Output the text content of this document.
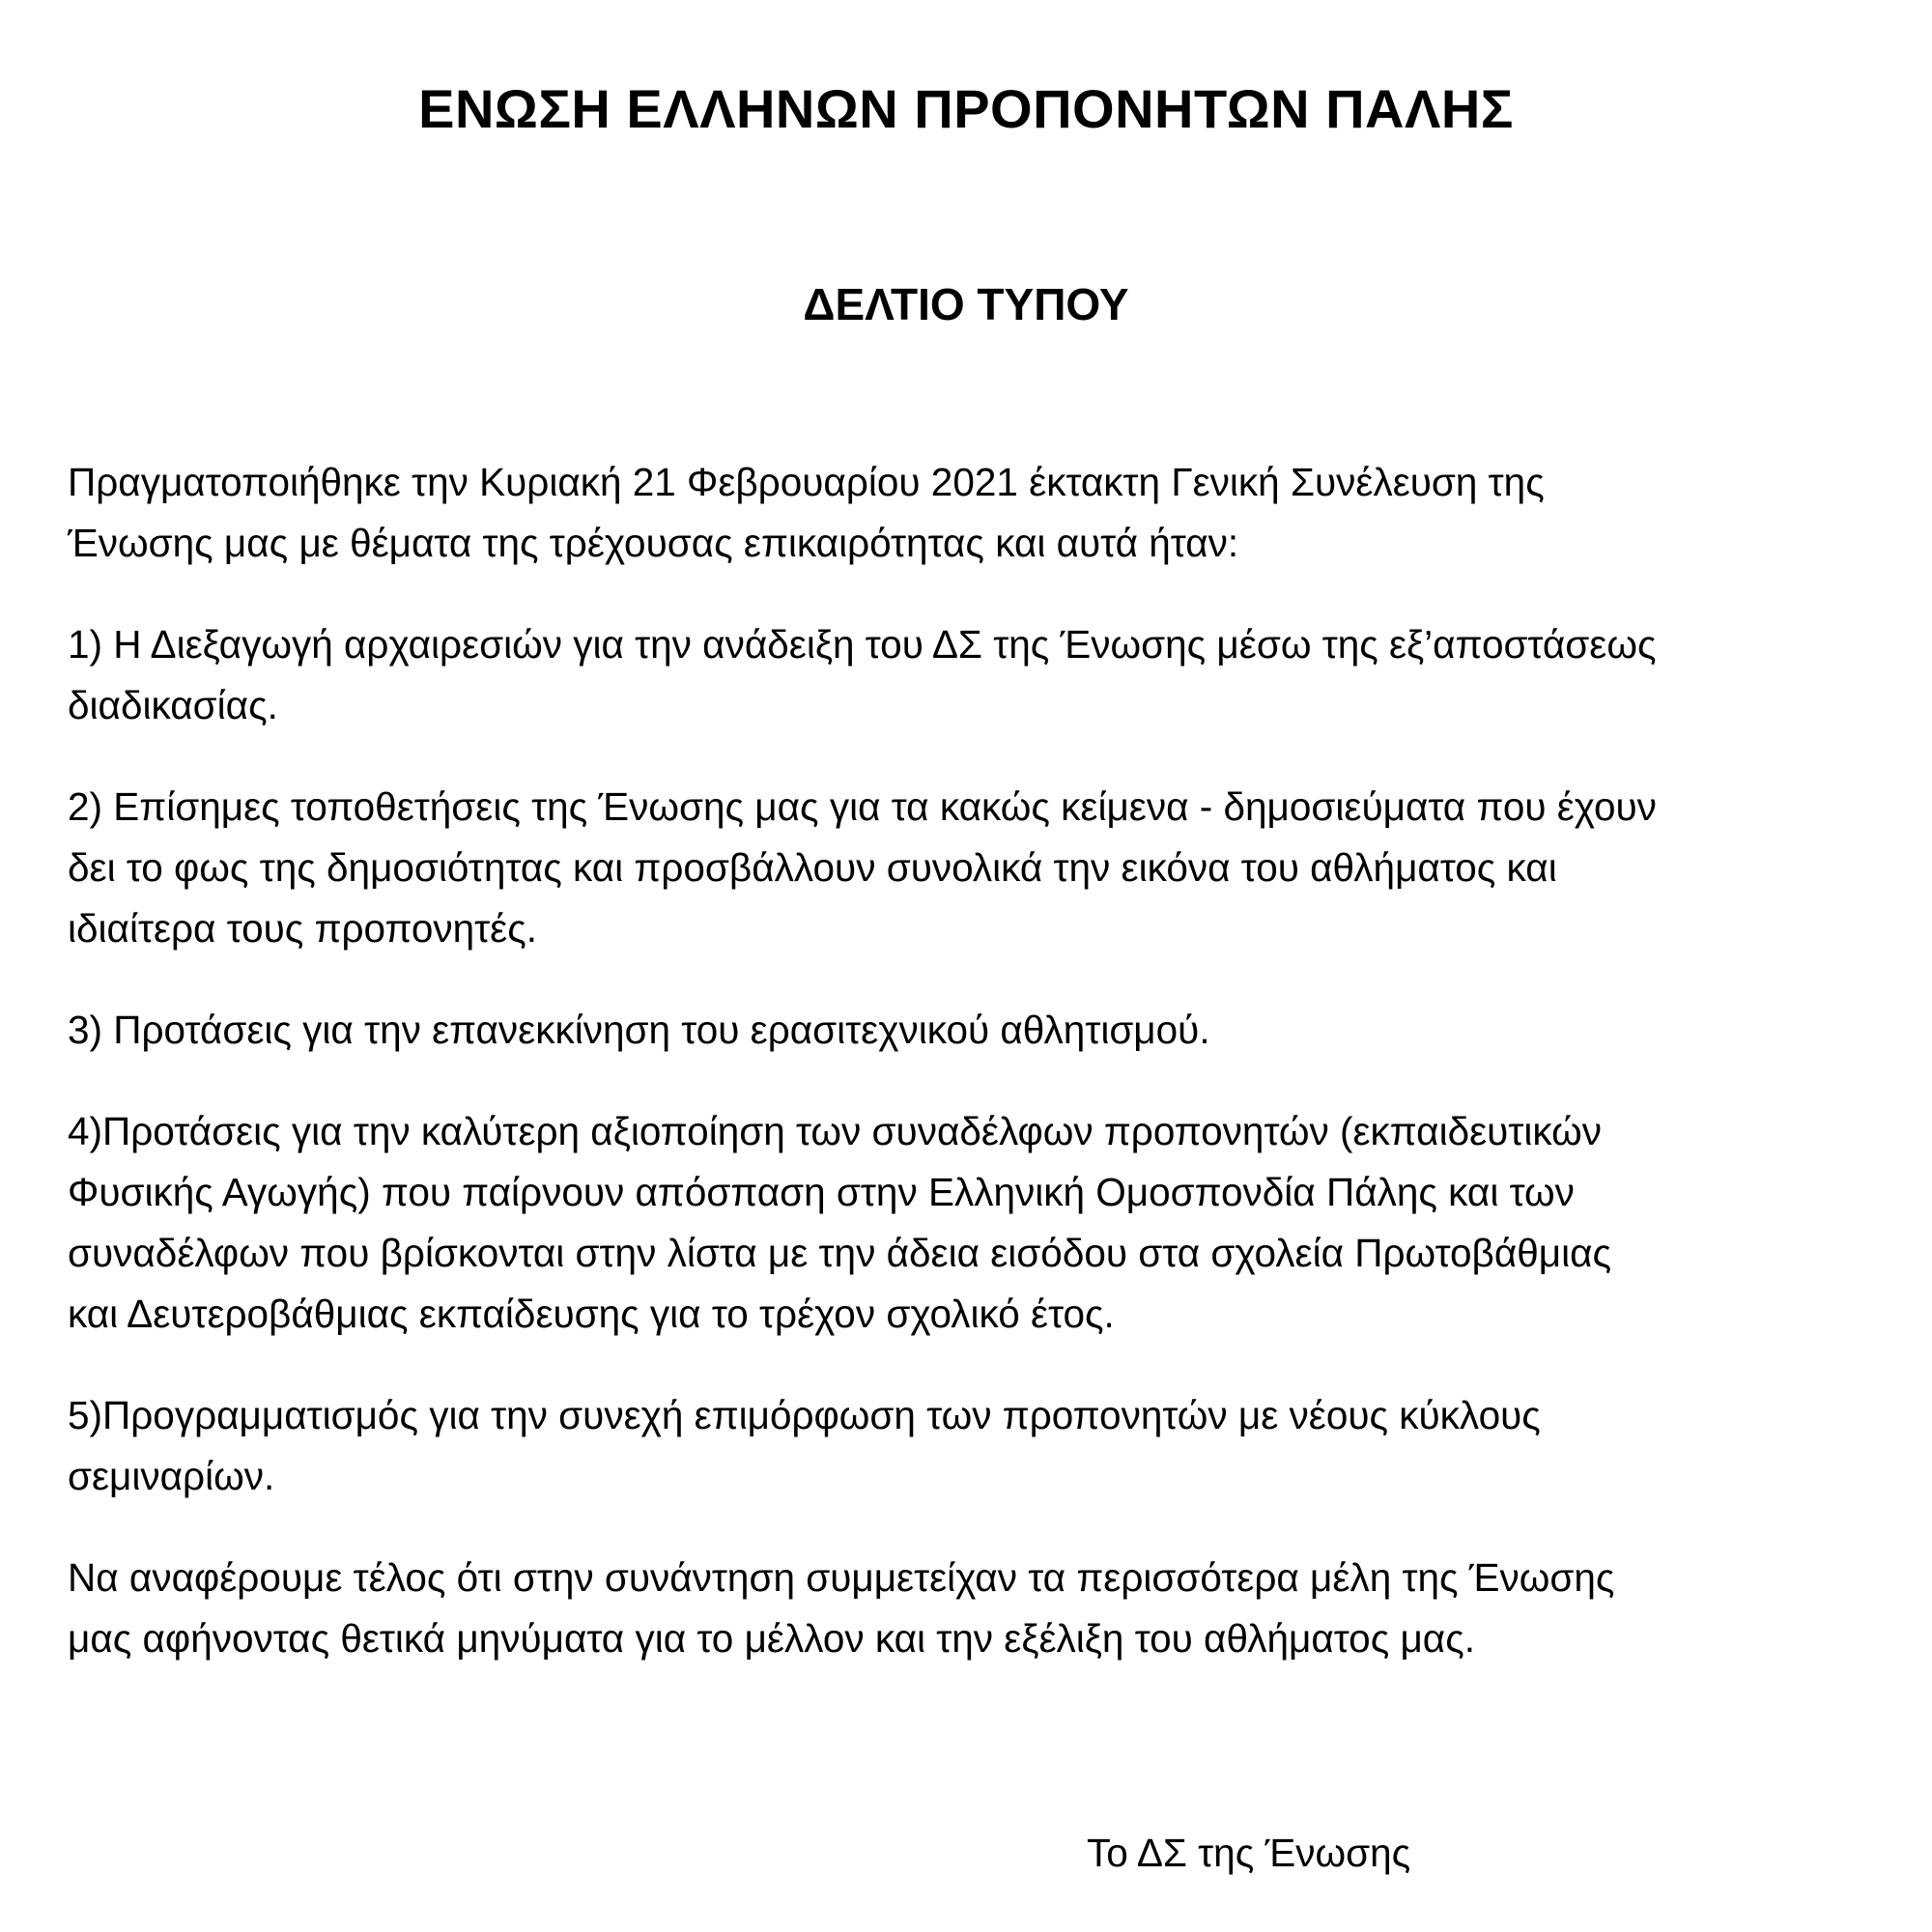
ΕΝΩΣΗ ΕΛΛΗΝΩΝ ΠΡΟΠΟΝΗΤΩΝ ΠΑΛΗΣ
ΔΕΛΤΙΟ ΤΥΠΟΥ

Πραγματοποιήθηκε την Κυριακή 21 Φεβρουαρίου 2021 έκτακτη Γενική Συνέλευση της
Ένωσης μας με θέματα της τρέχουσας επικαιρότητας και αυτά ήταν:

1) Η Διεξαγωγή αρχαιρεσιών για την ανάδειξη του ΔΣ της Ένωσης μέσω της εξ’αποστάσεως
διαδικασίας.

2) Επίσημες τοποθετήσεις της Ένωσης μας για τα κακώς κείμενα - δημοσιεύματα που έχουν
δει το φως της δημοσιότητας και προσβάλλουν συνολικά την εικόνα του αθλήματος και
ιδιαίτερα τους προπονητές.

3) Προτάσεις για την επανεκκίνηση του ερασιτεχνικού αθλητισμού.

4)Προτάσεις για την καλύτερη αξιοποίηση των συναδέλφων προπονητών (εκπαιδευτικών
Φυσικής Αγωγής) που παίρνουν απόσπαση στην Ελληνική Ομοσπονδία Πάλης και των
συναδέλφων που βρίσκονται στην λίστα με την άδεια εισόδου στα σχολεία Πρωτοβάθμιας
και Δευτεροβάθμιας εκπαίδευσης για το τρέχον σχολικό έτος.

5)Προγραμματισμός για την συνεχή επιμόρφωση των προπονητών με νέους κύκλους
σεμιναρίων.

Να αναφέρουμε τέλος ότι στην συνάντηση συμμετείχαν τα περισσότερα μέλη της Ένωσης
μας αφήνοντας θετικά μηνύματα για το μέλλον και την εξέλιξη του αθλήματος μας.

Το ΔΣ της Ένωσης
